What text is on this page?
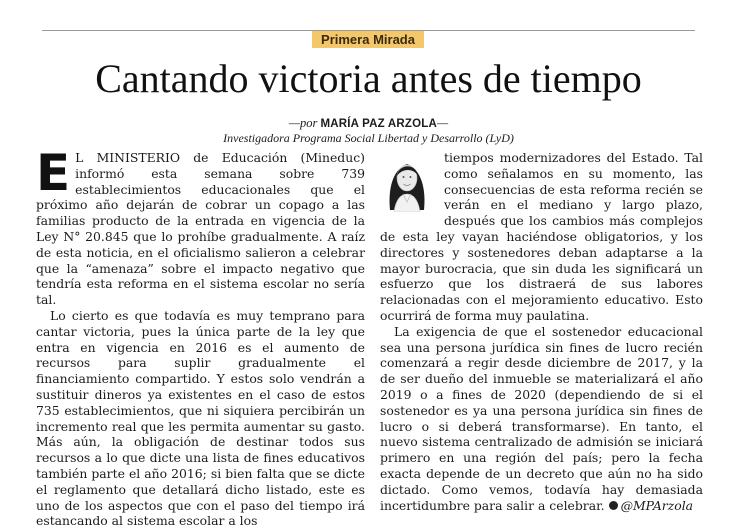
Primera Mirada
Cantando victoria antes de tiempo
—por MARÍA PAZ ARZOLA—
Investigadora Programa Social Libertad y Desarrollo (LyD)

E L MINISTERIO de Educación (Mineduc) informó esta semana sobre 739 establecimientos educacionales que el próximo año dejarán de cobrar un copago a las familias producto de la entrada en vigencia de la Ley N° 20.845 que lo prohíbe gradualmente. A raíz de esta noticia, en el oficialismo salieron a celebrar que la “amenaza” sobre el impacto negativo que tendría esta reforma en el sistema escolar no sería tal.

Lo cierto es que todavía es muy temprano para cantar victoria, pues la única parte de la ley que entra en vigencia en 2016 es el aumento de recursos para suplir gradualmente el financiamiento compartido. Y estos solo vendrán a sustituir dineros ya existentes en el caso de estos 735 establecimientos, que ni siquiera percibirán un incremento real que les permita aumentar su gasto. Más aún, la obligación de destinar todos sus recursos a lo que dicte una lista de fines educativos también parte el año 2016; si bien falta que se dicte el reglamento que detallará dicho listado, este es uno de los aspectos que con el paso del tiempo irá estancando al sistema escolar a los

tiempos modernizadores del Estado. Tal como señalamos en su momento, las consecuencias de esta reforma recién se verán en el mediano y largo plazo, después que los cambios más complejos de esta ley vayan haciéndose obligatorios, y los directores y sostenedores deban adaptarse a la mayor burocracia, que sin duda les significará un esfuerzo que los distraerá de sus labores relacionadas con el mejoramiento educativo. Esto ocurrirá de forma muy paulatina.

La exigencia de que el sostenedor educacional sea una persona jurídica sin fines de lucro recién comenzará a regir desde diciembre de 2017, y la de ser dueño del inmueble se materializará el año 2019 o a fines de 2020 (dependiendo de si el sostenedor es ya una persona jurídica sin fines de lucro o si deberá transformarse). En tanto, el nuevo sistema centralizado de admisión se iniciará primero en una región del país; pero la fecha exacta depende de un decreto que aún no ha sido dictado. Como vemos, todavía hay demasiada incertidumbre para salir a celebrar. @MPArzola
